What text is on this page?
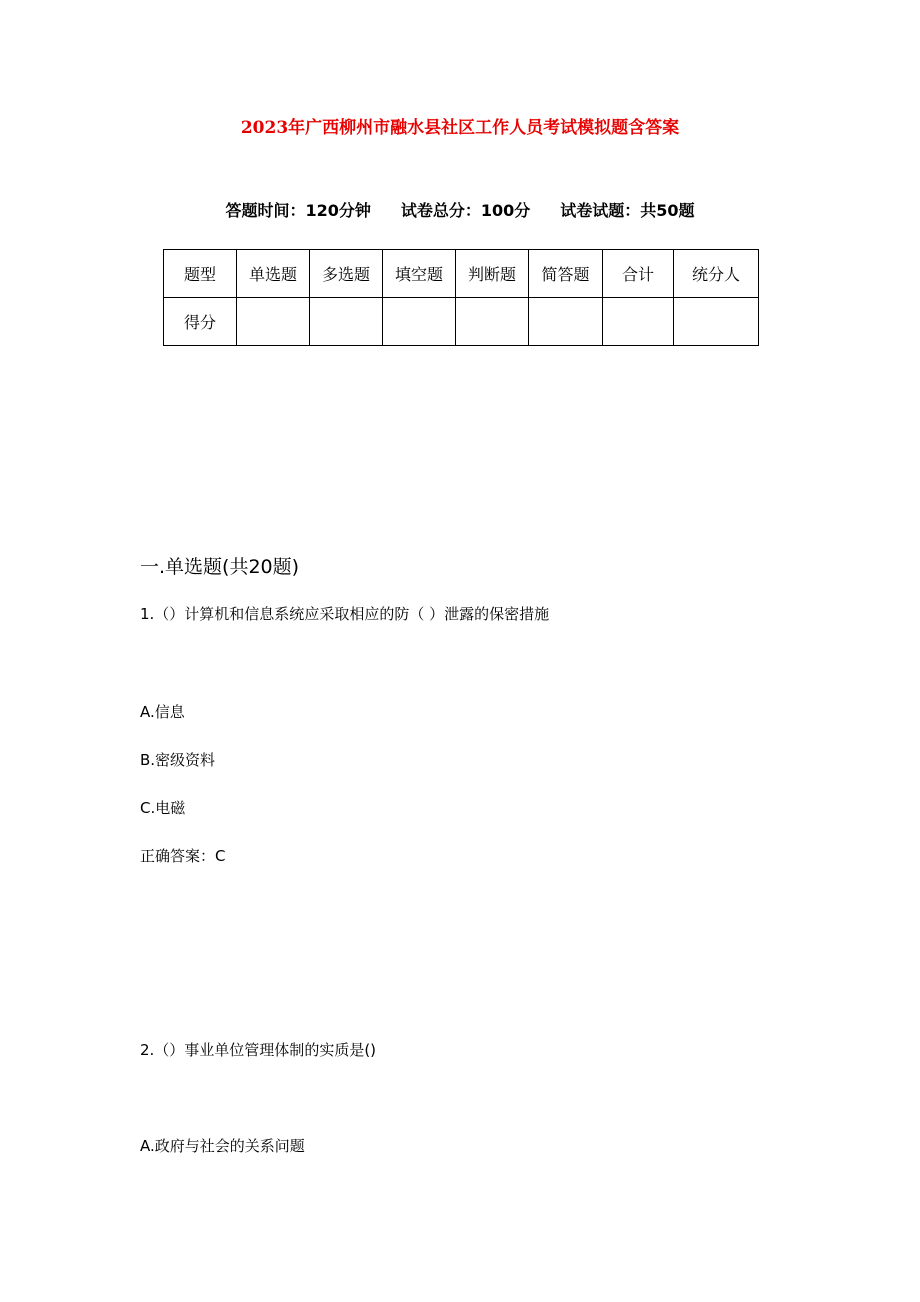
2023年广西柳州市融水县社区工作人员考试模拟题含答案
答题时间：120分钟 试卷总分：100分 试卷试题：共50题
题型	单选题	多选题	填空题	判断题	简答题	合计	统分人
得分							
一.单选题(共20题)
1.（）计算机和信息系统应采取相应的防（ ）泄露的保密措施
A.信息
B.密级资料
C.电磁
正确答案：C
2.（）事业单位管理体制的实质是()
A.政府与社会的关系问题
